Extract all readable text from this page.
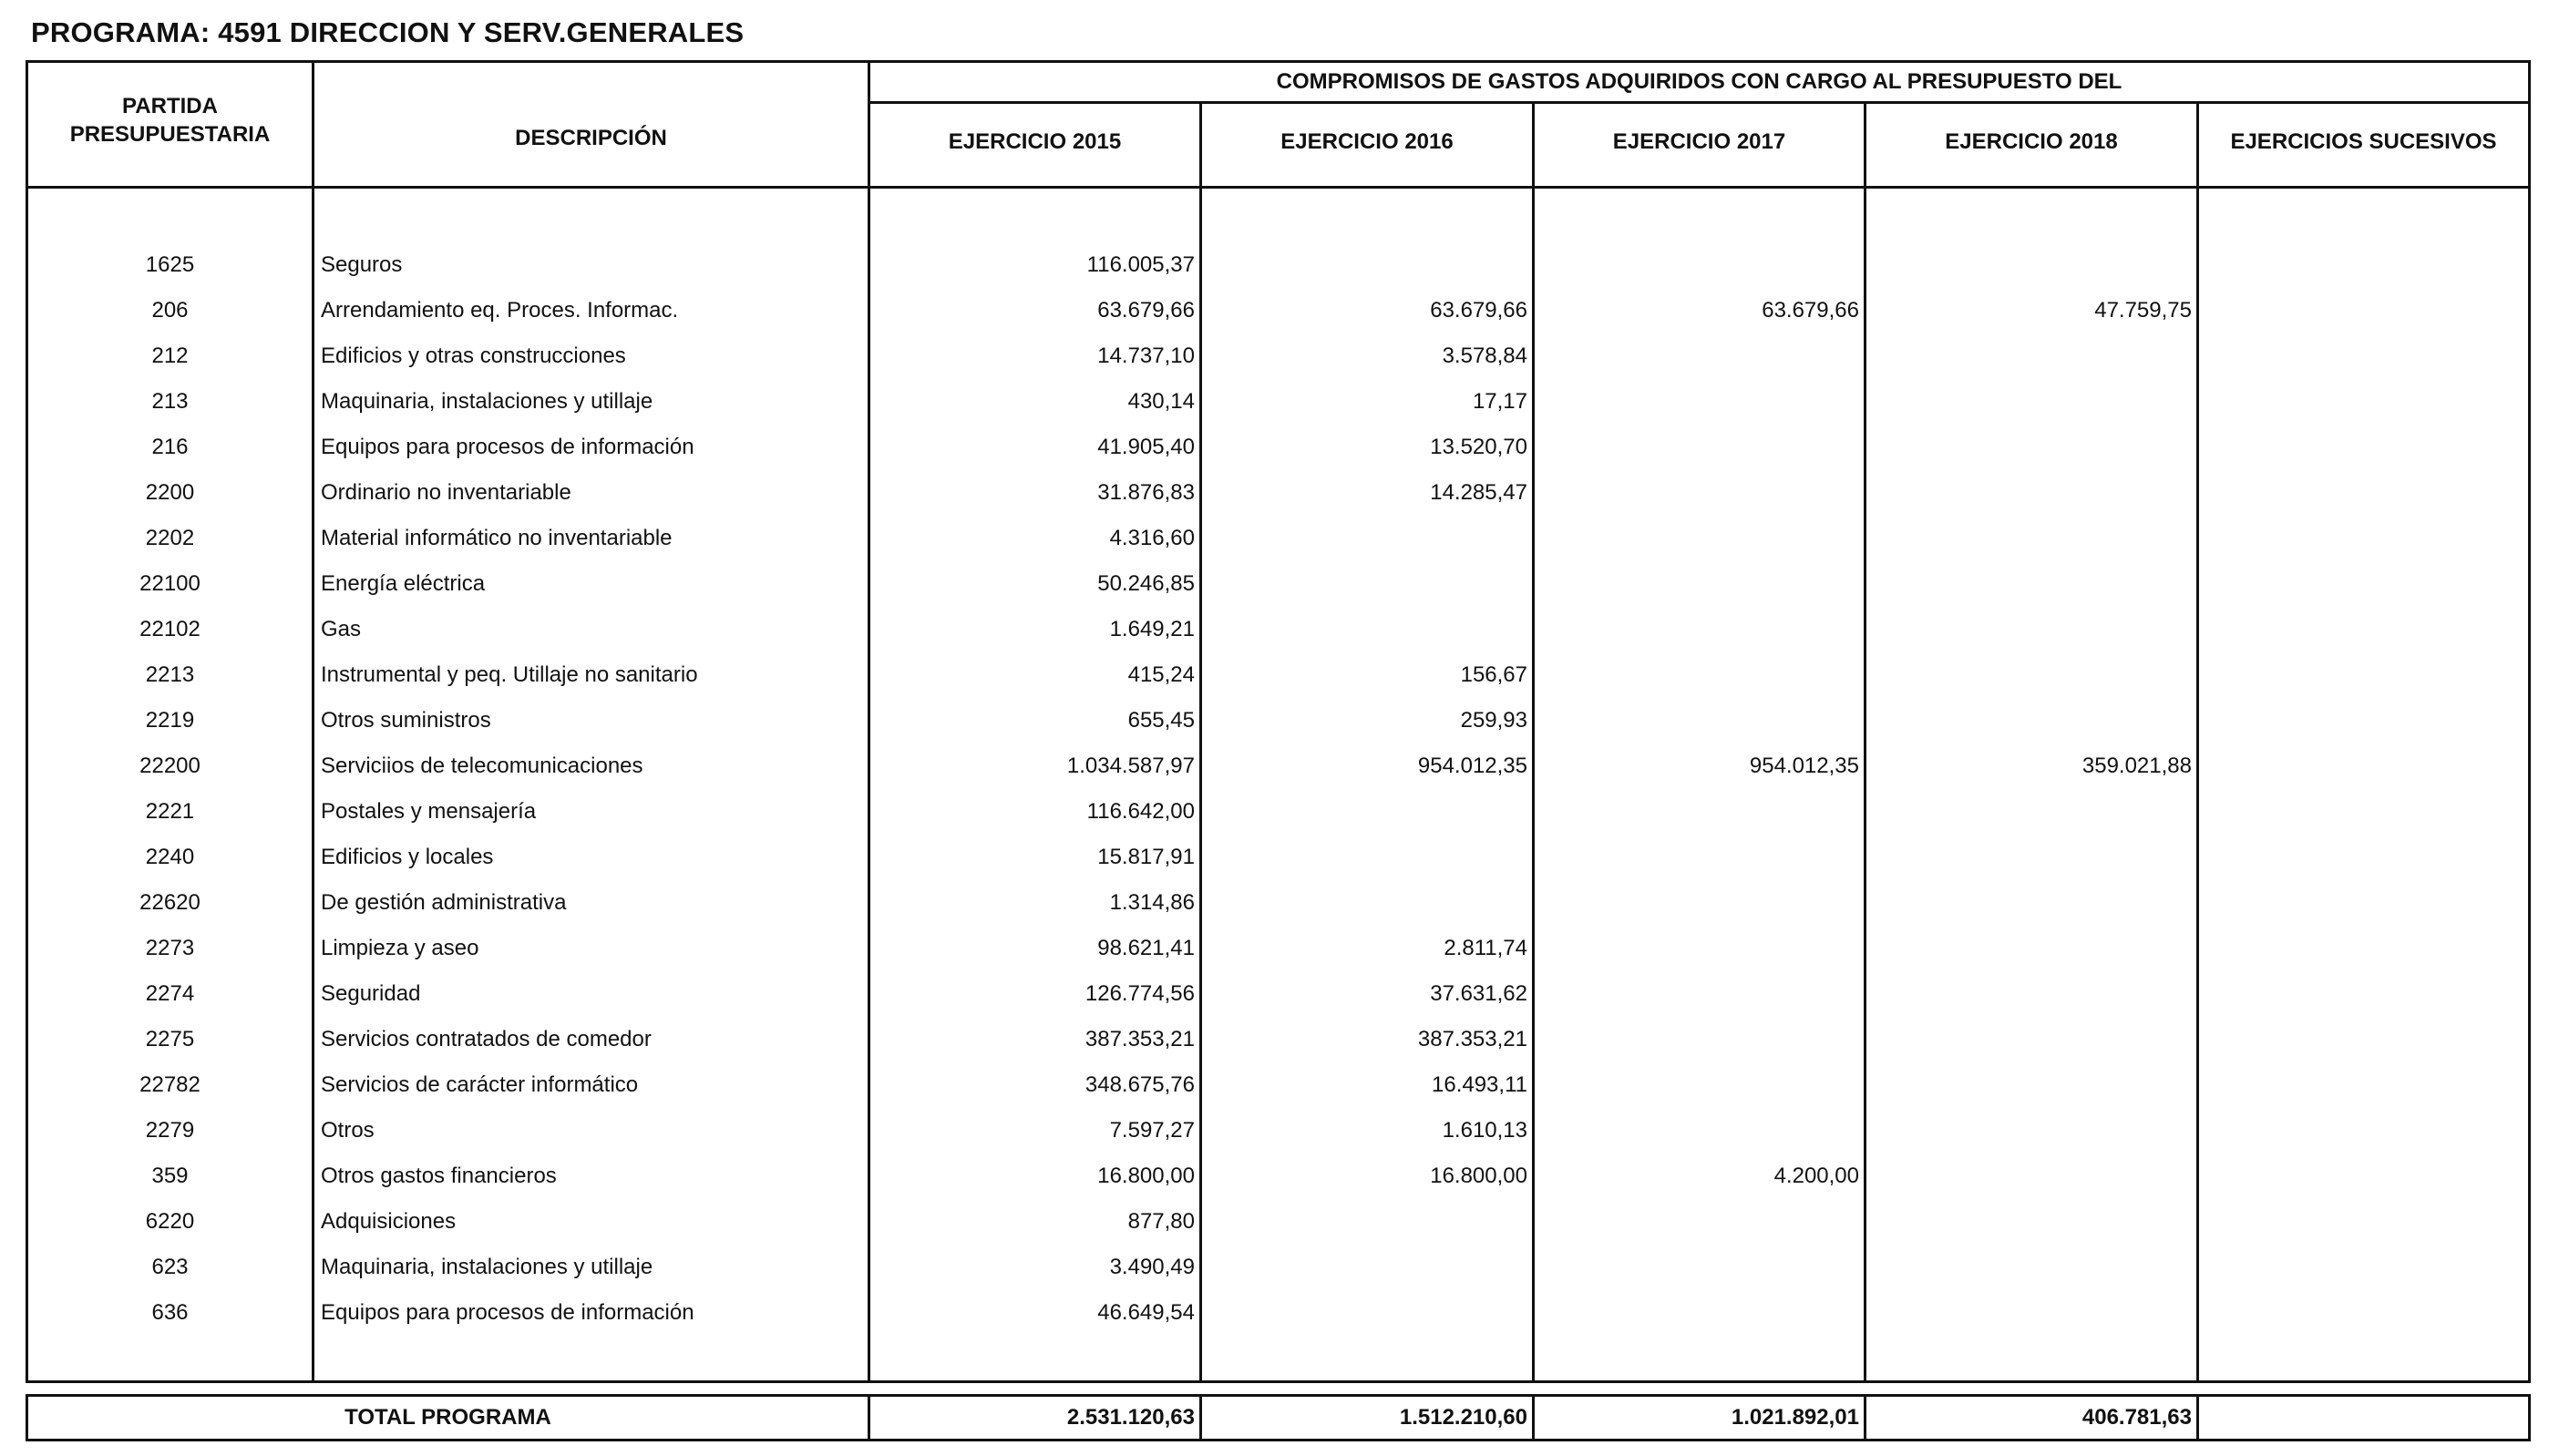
PROGRAMA: 4591 DIRECCION Y SERV.GENERALES
PARTIDA
PRESUPUESTARIA	DESCRIPCIÓN
COMPROMISOS DE GASTOS ADQUIRIDOS CON CARGO AL PRESUPUESTO DEL
EJERCICIO 2015	EJERCICIO 2016	EJERCICIO 2017	EJERCICIO 2018	EJERCICIOS SUCESIVOS
1625	Seguros	116.005,37
206	Arrendamiento eq. Proces. Informac.	63.679,66	63.679,66	63.679,66	47.759,75
212	Edificios y otras construcciones	14.737,10	3.578,84
213	Maquinaria, instalaciones y utillaje	430,14	17,17
216	Equipos para procesos de información	41.905,40	13.520,70
2200	Ordinario no inventariable	31.876,83	14.285,47
2202	Material informático no inventariable	4.316,60
22100	Energía eléctrica	50.246,85
22102	Gas	1.649,21
2213	Instrumental y peq. Utillaje no sanitario	415,24	156,67
2219	Otros suministros	655,45	259,93
22200	Serviciios de telecomunicaciones	1.034.587,97	954.012,35	954.012,35	359.021,88
2221	Postales y mensajería	116.642,00
2240	Edificios y locales	15.817,91
22620	De gestión administrativa	1.314,86
2273	Limpieza y aseo	98.621,41	2.811,74
2274	Seguridad	126.774,56	37.631,62
2275	Servicios contratados de comedor	387.353,21	387.353,21
22782	Servicios de carácter informático	348.675,76	16.493,11
2279	Otros	7.597,27	1.610,13
359	Otros gastos financieros	16.800,00	16.800,00	4.200,00
6220	Adquisiciones	877,80
623	Maquinaria, instalaciones y utillaje	3.490,49
636	Equipos para procesos de información	46.649,54
TOTAL PROGRAMA	2.531.120,63	1.512.210,60	1.021.892,01	406.781,63
